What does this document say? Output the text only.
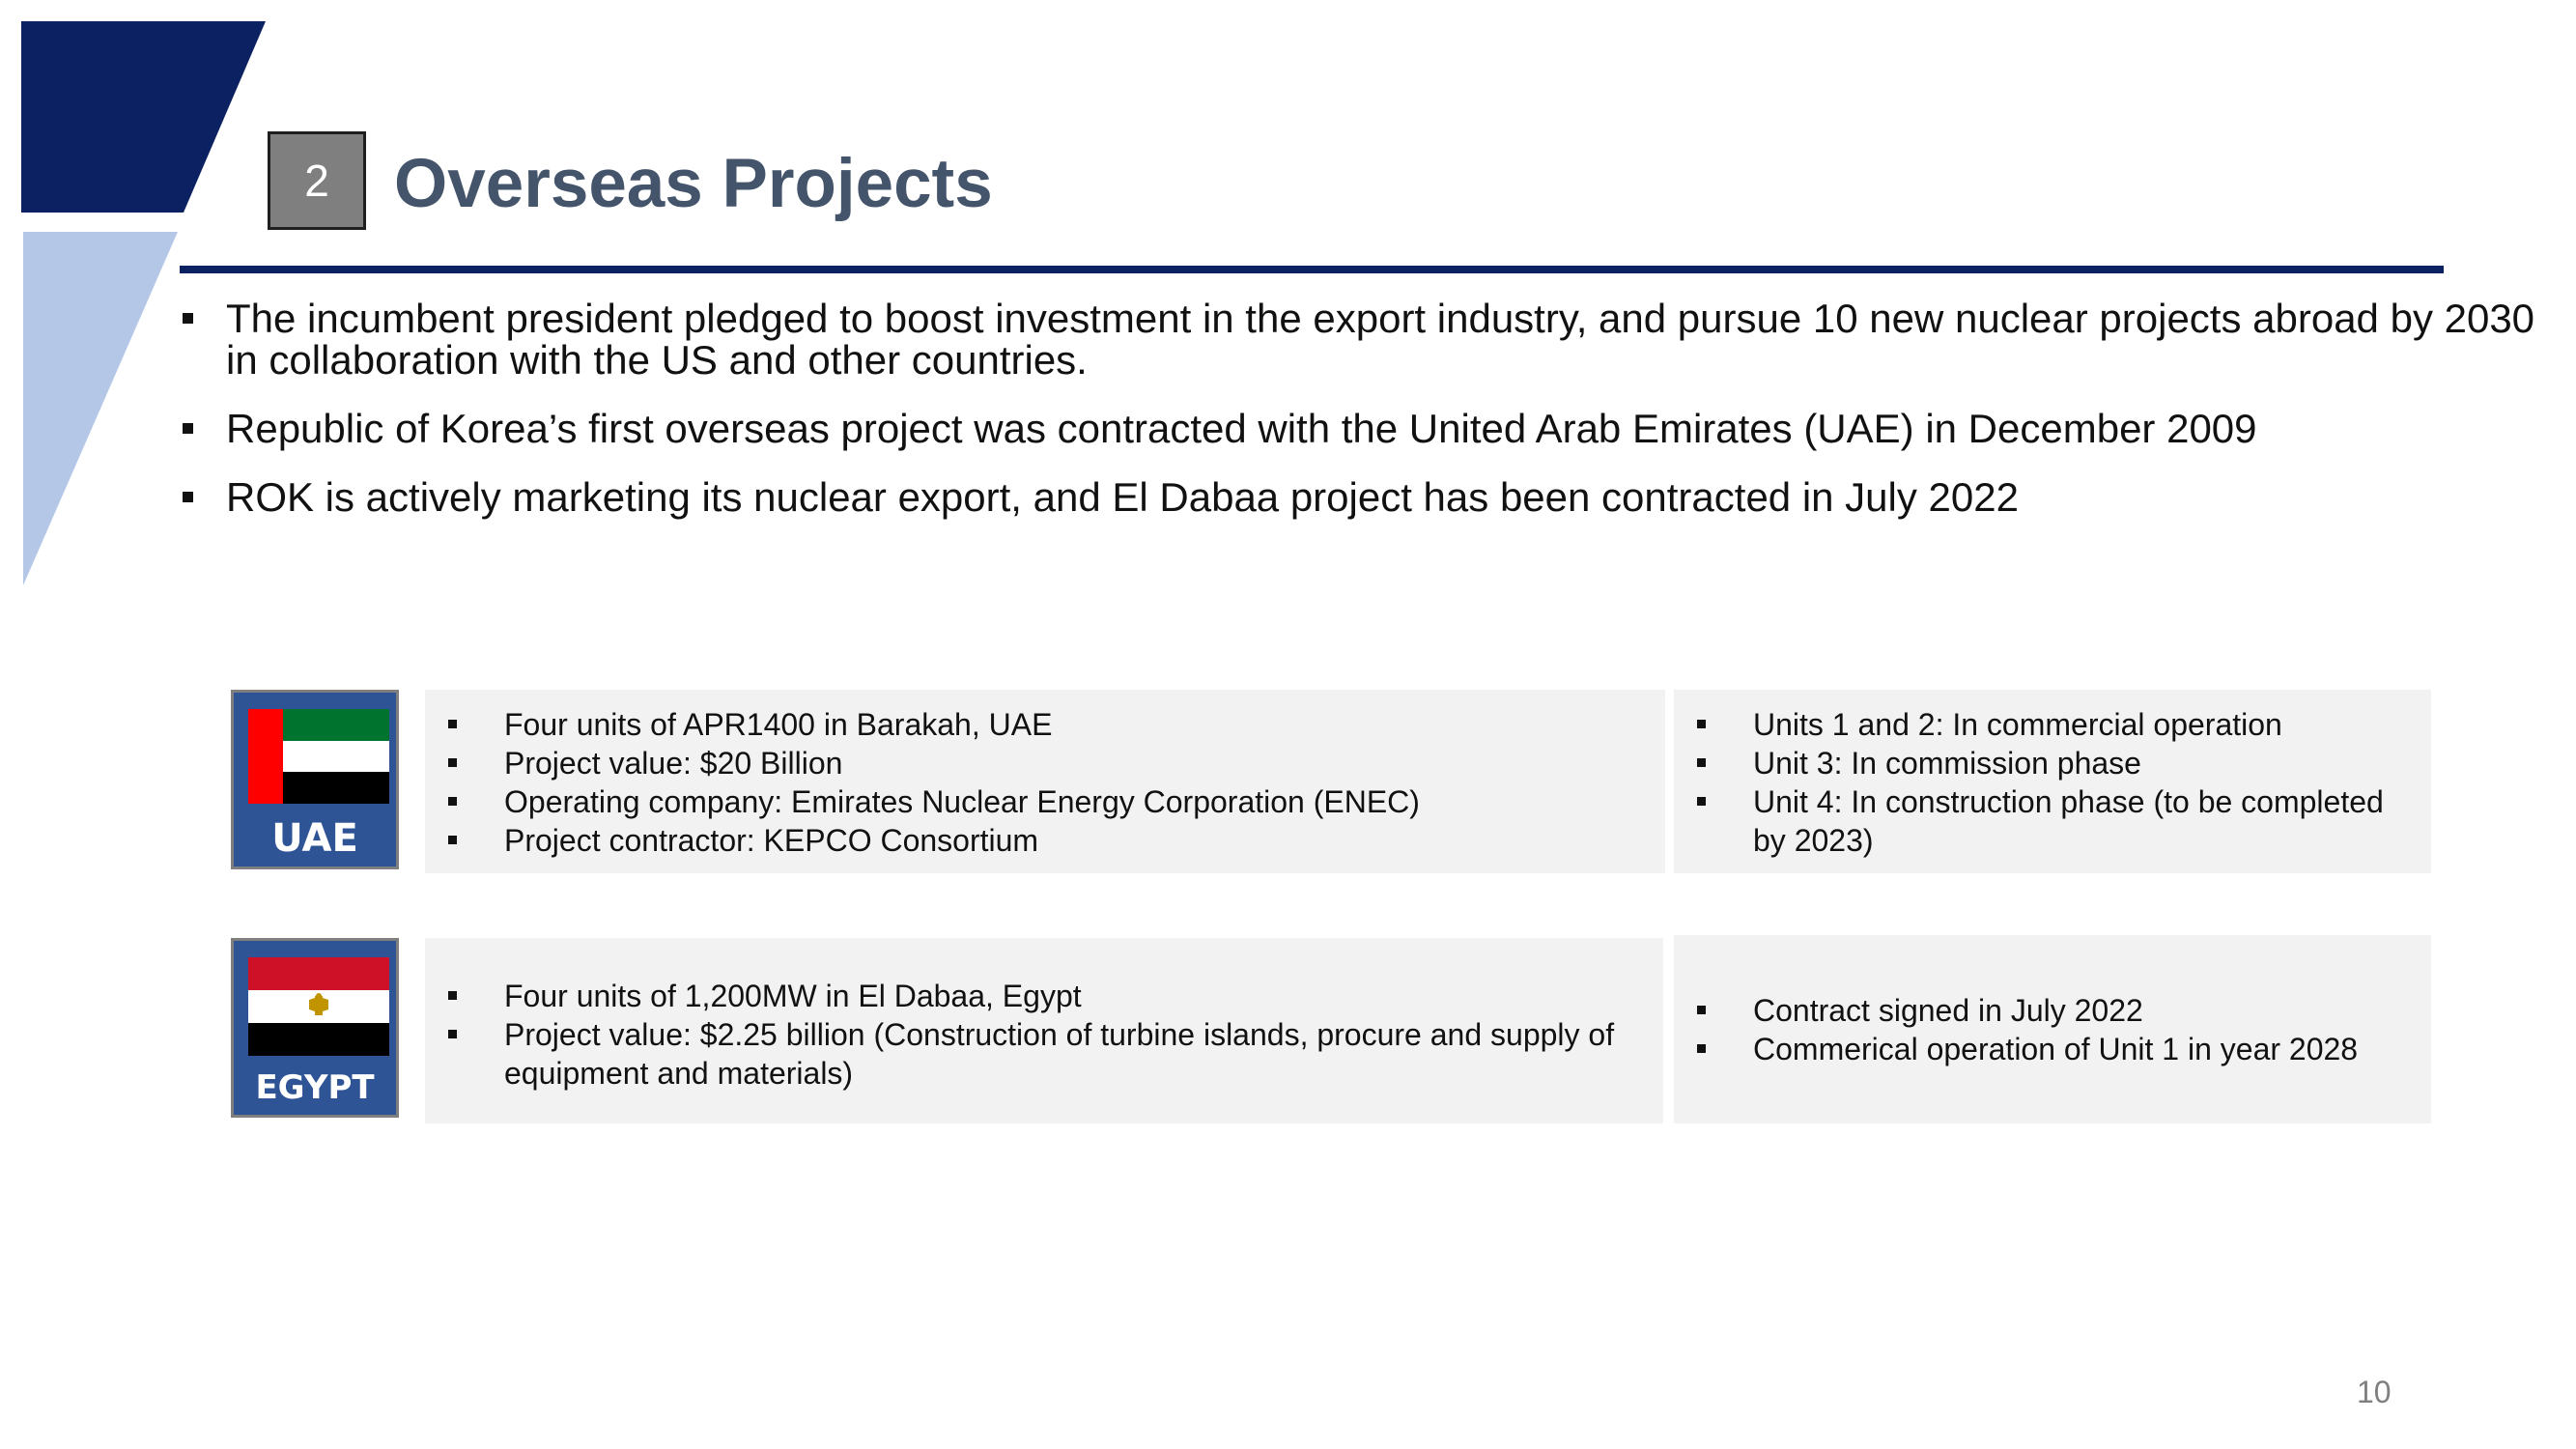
2 Overseas Projects
The incumbent president pledged to boost investment in the export industry, and pursue 10 new nuclear projects abroad by 2030 in collaboration with the US and other countries.
Republic of Korea’s first overseas project was contracted with the United Arab Emirates (UAE) in December 2009
ROK is actively marketing its nuclear export, and El Dabaa project has been contracted in July 2022
UAE
Four units of APR1400 in Barakah, UAE
Project value: $20 Billion
Operating company: Emirates Nuclear Energy Corporation (ENEC)
Project contractor: KEPCO Consortium
Units 1 and 2: In commercial operation
Unit 3: In commission phase
Unit 4: In construction phase (to be completed by 2023)
EGYPT
Four units of 1,200MW in El Dabaa, Egypt
Project value: $2.25 billion (Construction of turbine islands, procure and supply of equipment and materials)
Contract signed in July 2022
Commerical operation of Unit 1 in year 2028
10
